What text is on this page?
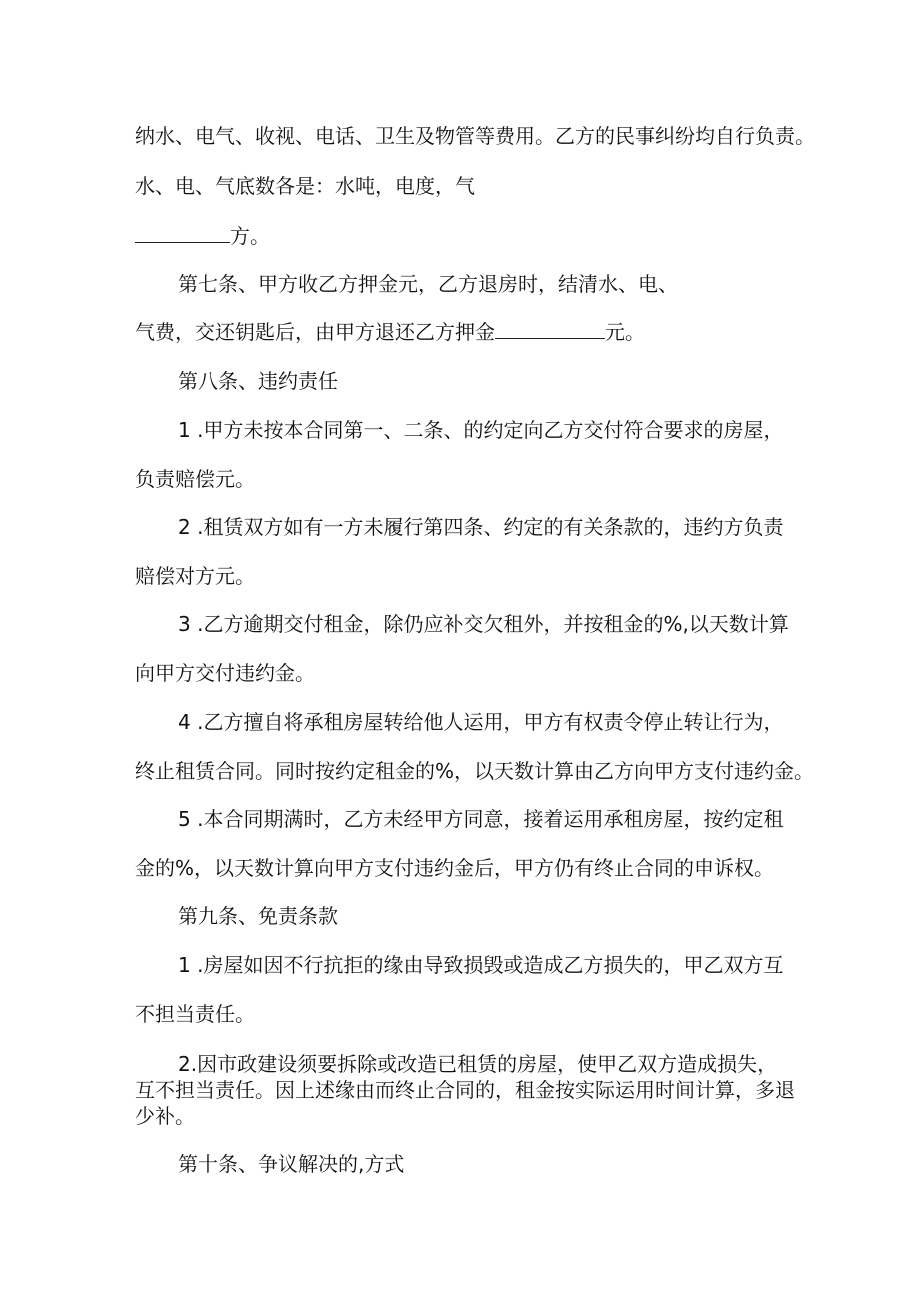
纳水、电气、收视、电话、卫生及物管等费用。乙方的民事纠纷均自行负责。
水、电、气底数各是：水吨，电度，气
方。
第七条、甲方收乙方押金元，乙方退房时，结清水、电、
气费，交还钥匙后，由甲方退还乙方押金	元。
第八条、违约责任
1 .甲方未按本合同第一、二条、的约定向乙方交付符合要求的房屋，
负责赔偿元。
2 .租赁双方如有一方未履行第四条、约定的有关条款的，违约方负责
赔偿对方元。
3 .乙方逾期交付租金，除仍应补交欠租外，并按租金的%,以天数计算
向甲方交付违约金。
4 .乙方擅自将承租房屋转给他人运用，甲方有权责令停止转让行为，
终止租赁合同。同时按约定租金的%，以天数计算由乙方向甲方支付违约金。
5 .本合同期满时，乙方未经甲方同意，接着运用承租房屋，按约定租
金的%，以天数计算向甲方支付违约金后，甲方仍有终止合同的申诉权。
第九条、免责条款
1 .房屋如因不行抗拒的缘由导致损毁或造成乙方损失的，甲乙双方互
不担当责任。
2.因市政建设须要拆除或改造已租赁的房屋，使甲乙双方造成损失，
互不担当责任。因上述缘由而终止合同的，租金按实际运用时间计算，多退
少补。
第十条、争议解决的,方式
